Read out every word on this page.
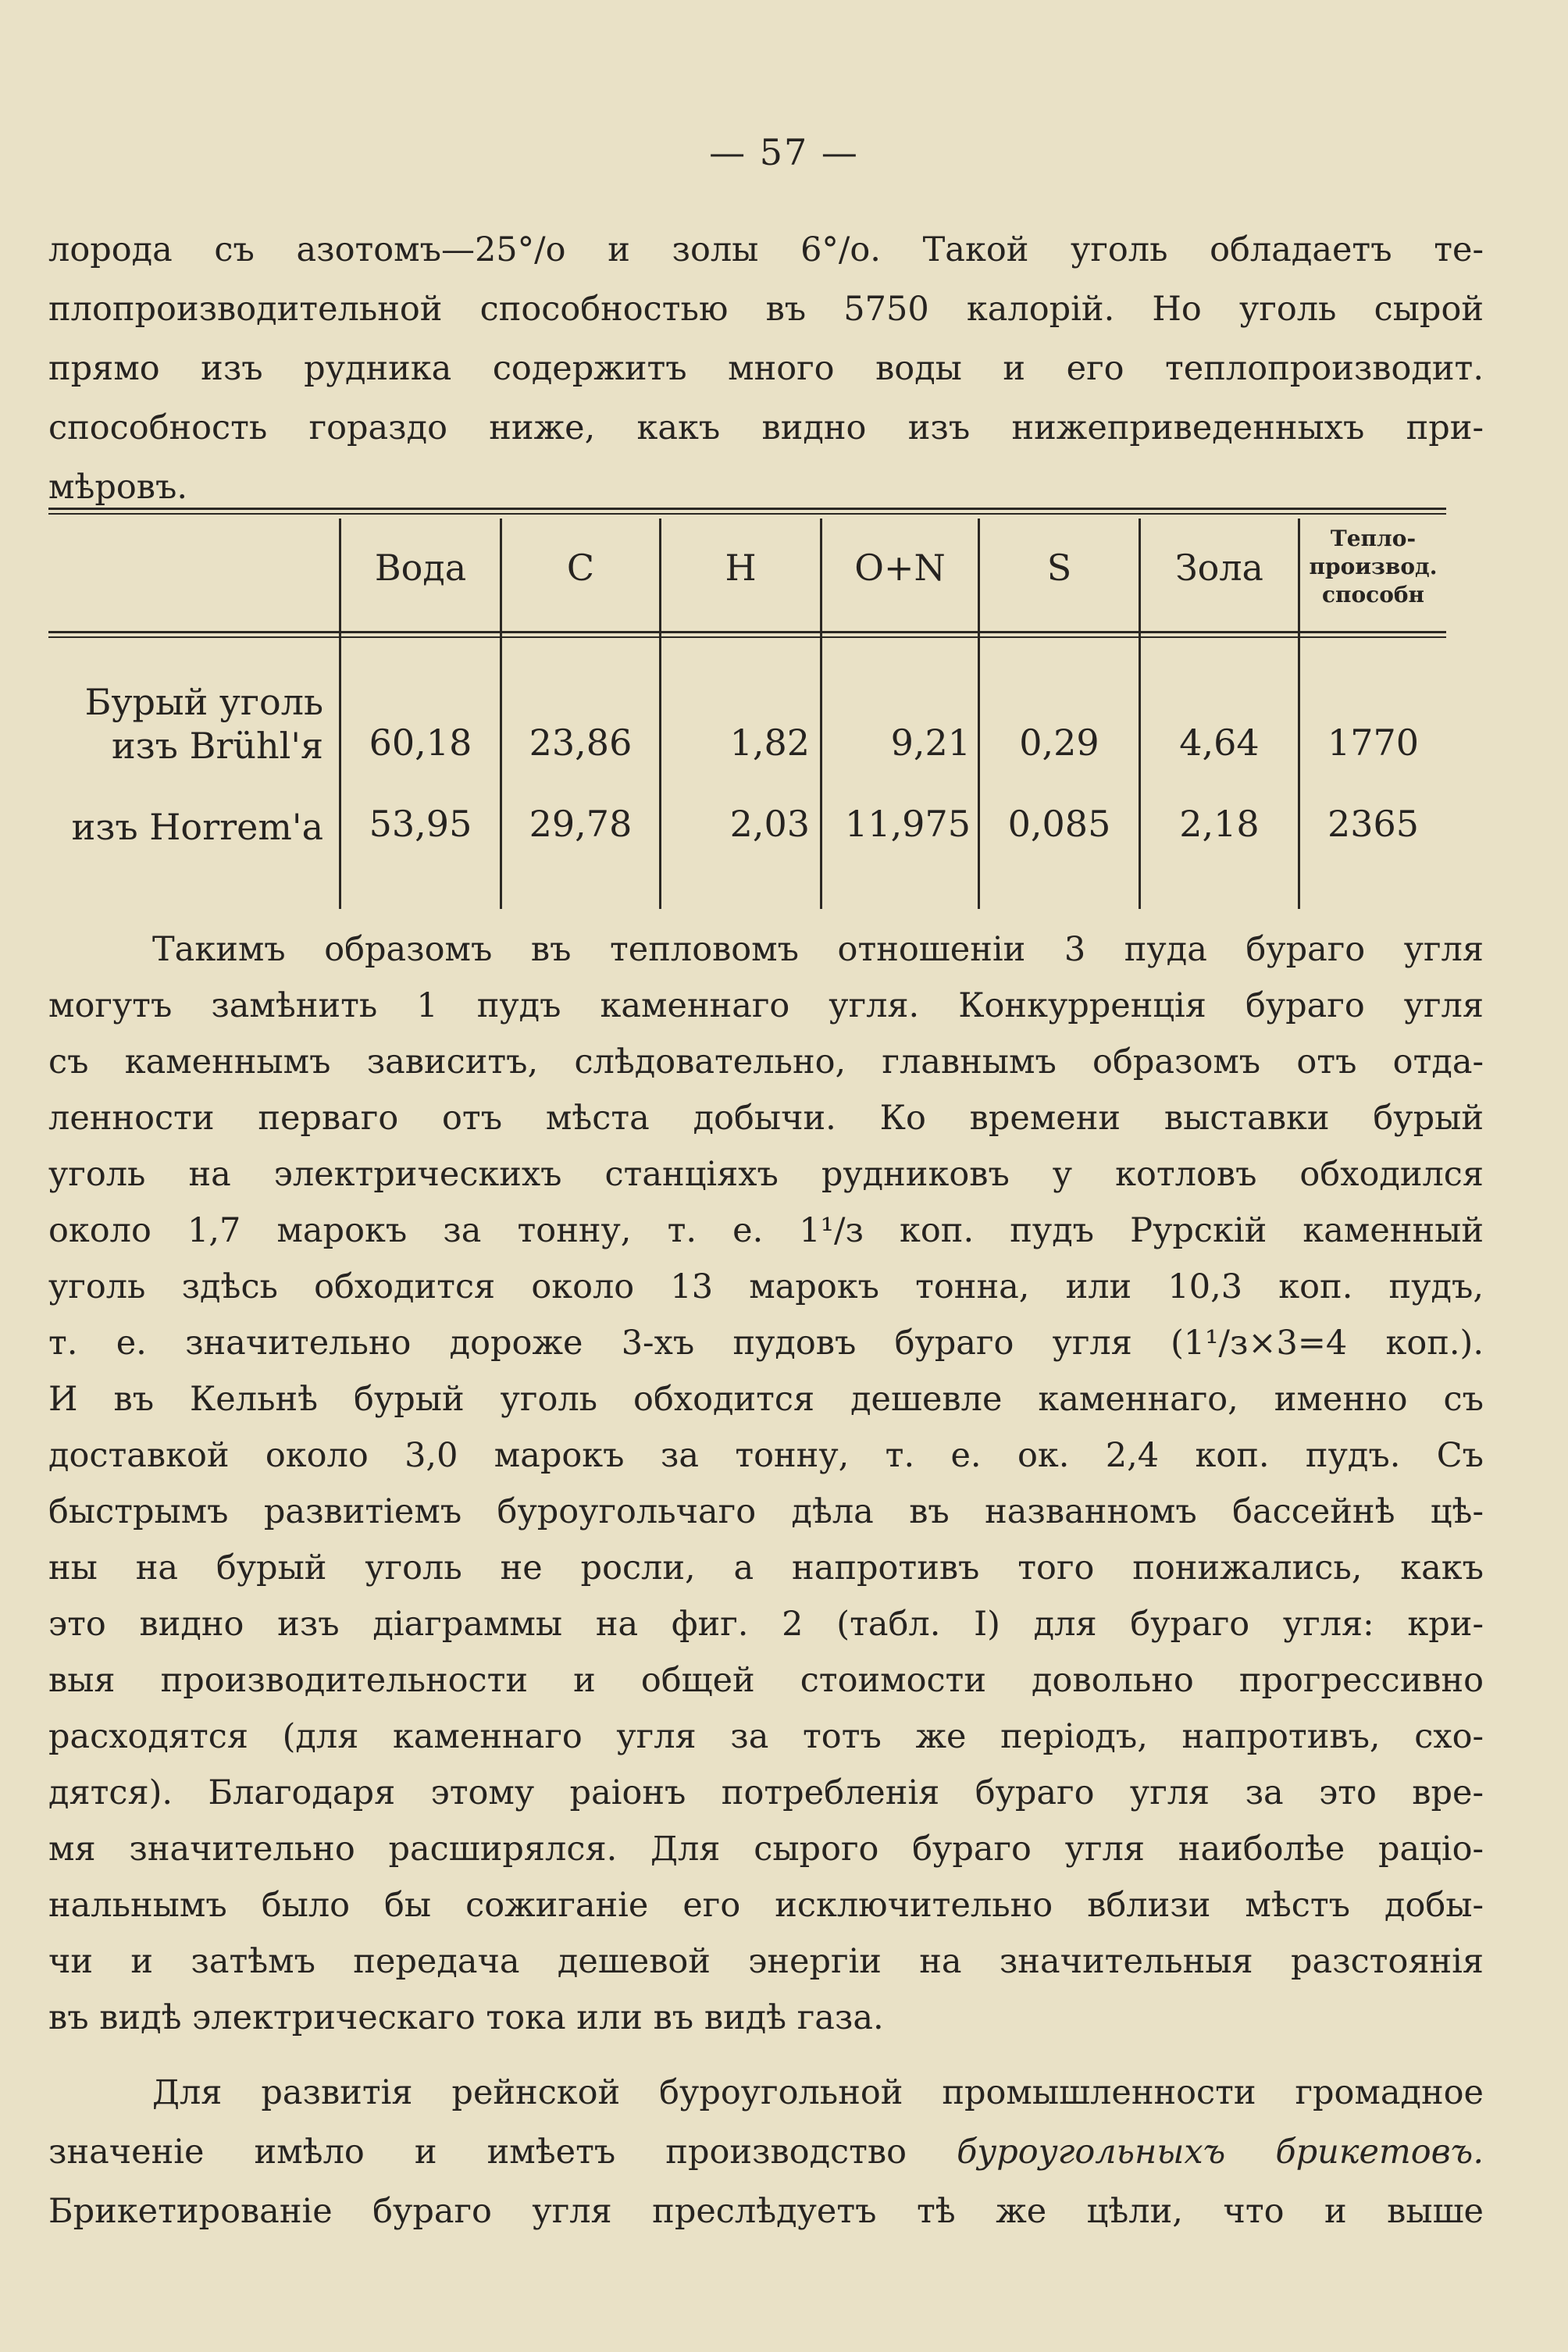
— 57 —
лорода съ азотомъ—25°/о и золы 6°/о. Такой уголь обладаетъ те-
плопроизводительной способностью въ 5750 калорій. Но уголь сырой
прямо изъ рудника содержитъ много воды и его теплопроизводит.
способность гораздо ниже, какъ видно изъ нижеприведенныхъ при-
мѣровъ.
Вода	C	H	O+N	S	Зола
Тепло-
производ.
способн
Бурый уголь
изъ Brühl'я	60,18	23,86	1,82	9,21	0,29	4,64	1770
изъ Horrem'a	53,95	29,78	2,03 11,975	0,085	2,18	2365
Такимъ образомъ въ тепловомъ отношеніи 3 пуда бураго угля
могутъ замѣнить 1 пудъ каменнаго угля. Конкурренція бураго угля
съ каменнымъ зависитъ, слѣдовательно, главнымъ образомъ отъ отда-
ленности перваго отъ мѣста добычи. Ко времени выставки бурый
уголь на электрическихъ станціяхъ рудниковъ у котловъ обходился
около 1,7 марокъ за тонну, т. е. 1¹/з коп. пудъ Рурскій каменный
уголь здѣсь обходится около 13 марокъ тонна, или 10,3 коп. пудъ,
т. е. значительно дороже 3-хъ пудовъ бураго угля (1¹/з×3=4 коп.).
И въ Кельнѣ бурый уголь обходится дешевле каменнаго, именно съ
доставкой около 3,0 марокъ за тонну, т. е. ок. 2,4 коп. пудъ. Съ
быстрымъ развитіемъ буроугольчаго дѣла въ названномъ бассейнѣ цѣ-
ны на бурый уголь не росли, а напротивъ того понижались, какъ
это видно изъ діаграммы на фиг. 2 (табл. I) для бураго угля: кри-
выя производительности и общей стоимости довольно прогрессивно
расходятся (для каменнаго угля за тотъ же періодъ, напротивъ, схо-
дятся). Благодаря этому раіонъ потребленія бураго угля за это вре-
мя значительно расширялся. Для сырого бураго угля наиболѣе раціо-
нальнымъ было бы сожиганіе его исключительно вблизи мѣстъ добы-
чи и затѣмъ передача дешевой энергіи на значительныя разстоянія
въ видѣ электрическаго тока или въ видѣ газа.
Для развитія рейнской буроугольной промышленности громадное
значеніе имѣло и имѣетъ производство буроугольныхъ брикетовъ.
Брикетированіе бураго угля преслѣдуетъ тѣ же цѣли, что и выше
